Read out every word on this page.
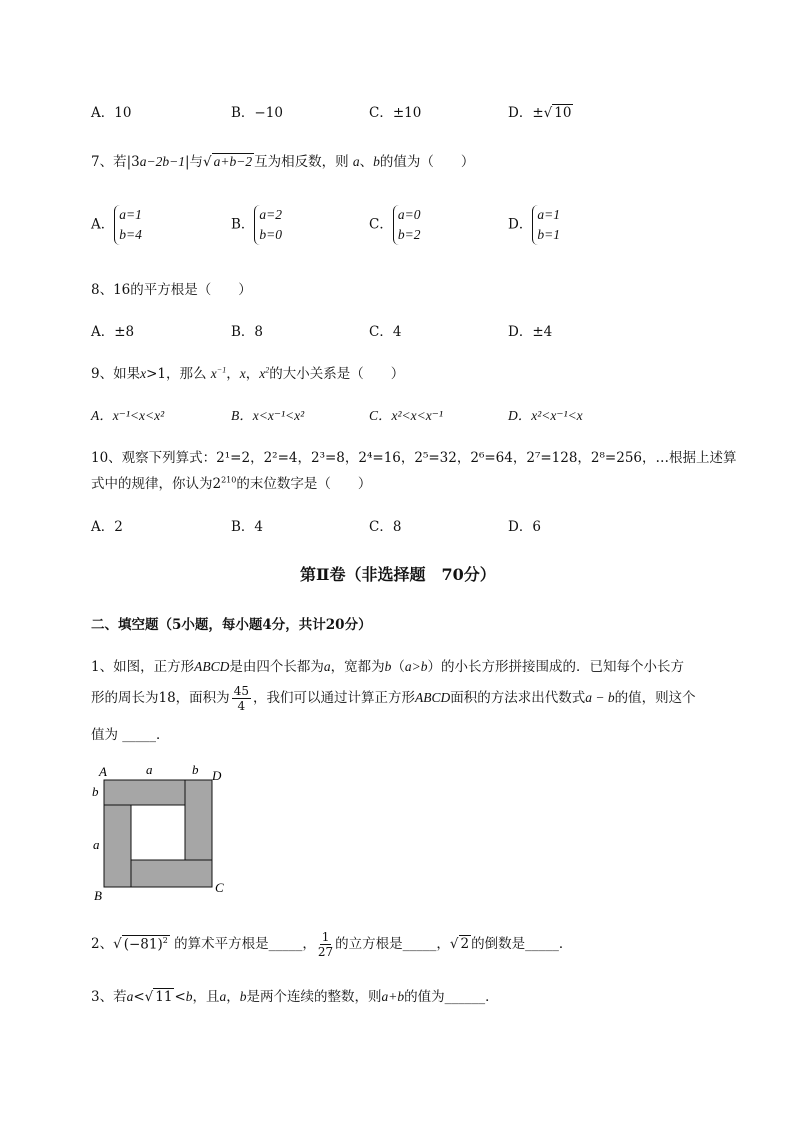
A．10	B．−10	C．±10	D．±√ 10
7、若|3a−2b−1|与√ a+b−2 互为相反数，则 a、b的值为（　　）
A．a=1
b=4
B．a=2
b=0
C．a=0
b=2
D．a=1
b=1
8、16的平方根是（　　）
A．±8	B．8	C．4	D．±4
9、如果x>1，那么 $x^{-1}$，x，$x^2$的大小关系是（　　）
A．x⁻¹<x<x²	B．x<x⁻¹<x²	C．x²<x<x⁻¹	D．x²<x⁻¹<x
10、观察下列算式：2¹=2，2²=4，2³=8，2⁴=16，2⁵=32，2⁶=64，2⁷=128，2⁸=256，…根据上述算
式中的规律，你认为$2^{210}$的末位数字是（　　）
A．2	B．4	C．8	D．6
第Ⅱ卷（非选择题　70分）
二、填空题（5小题，每小题4分，共计20分）
1、如图，正方形ABCD是由四个长都为a，宽都为b（a>b）的小长方形拼接围成的．已知每个小长方
形的周长为18，面积为 $\frac{45}{4}$ ，我们可以通过计算正方形ABCD面积的方法求出代数式a − b的值，则这个
值为 _____．
A	D
B
C
a	b
b
a
2、√ $(-81)^2$ 的算术平方根是_____， $\frac{1}{27}$ 的立方根是_____，√ 2 的倒数是_____．
3、若a<√ 11 <b，且a，b是两个连续的整数，则a+b的值为______．
